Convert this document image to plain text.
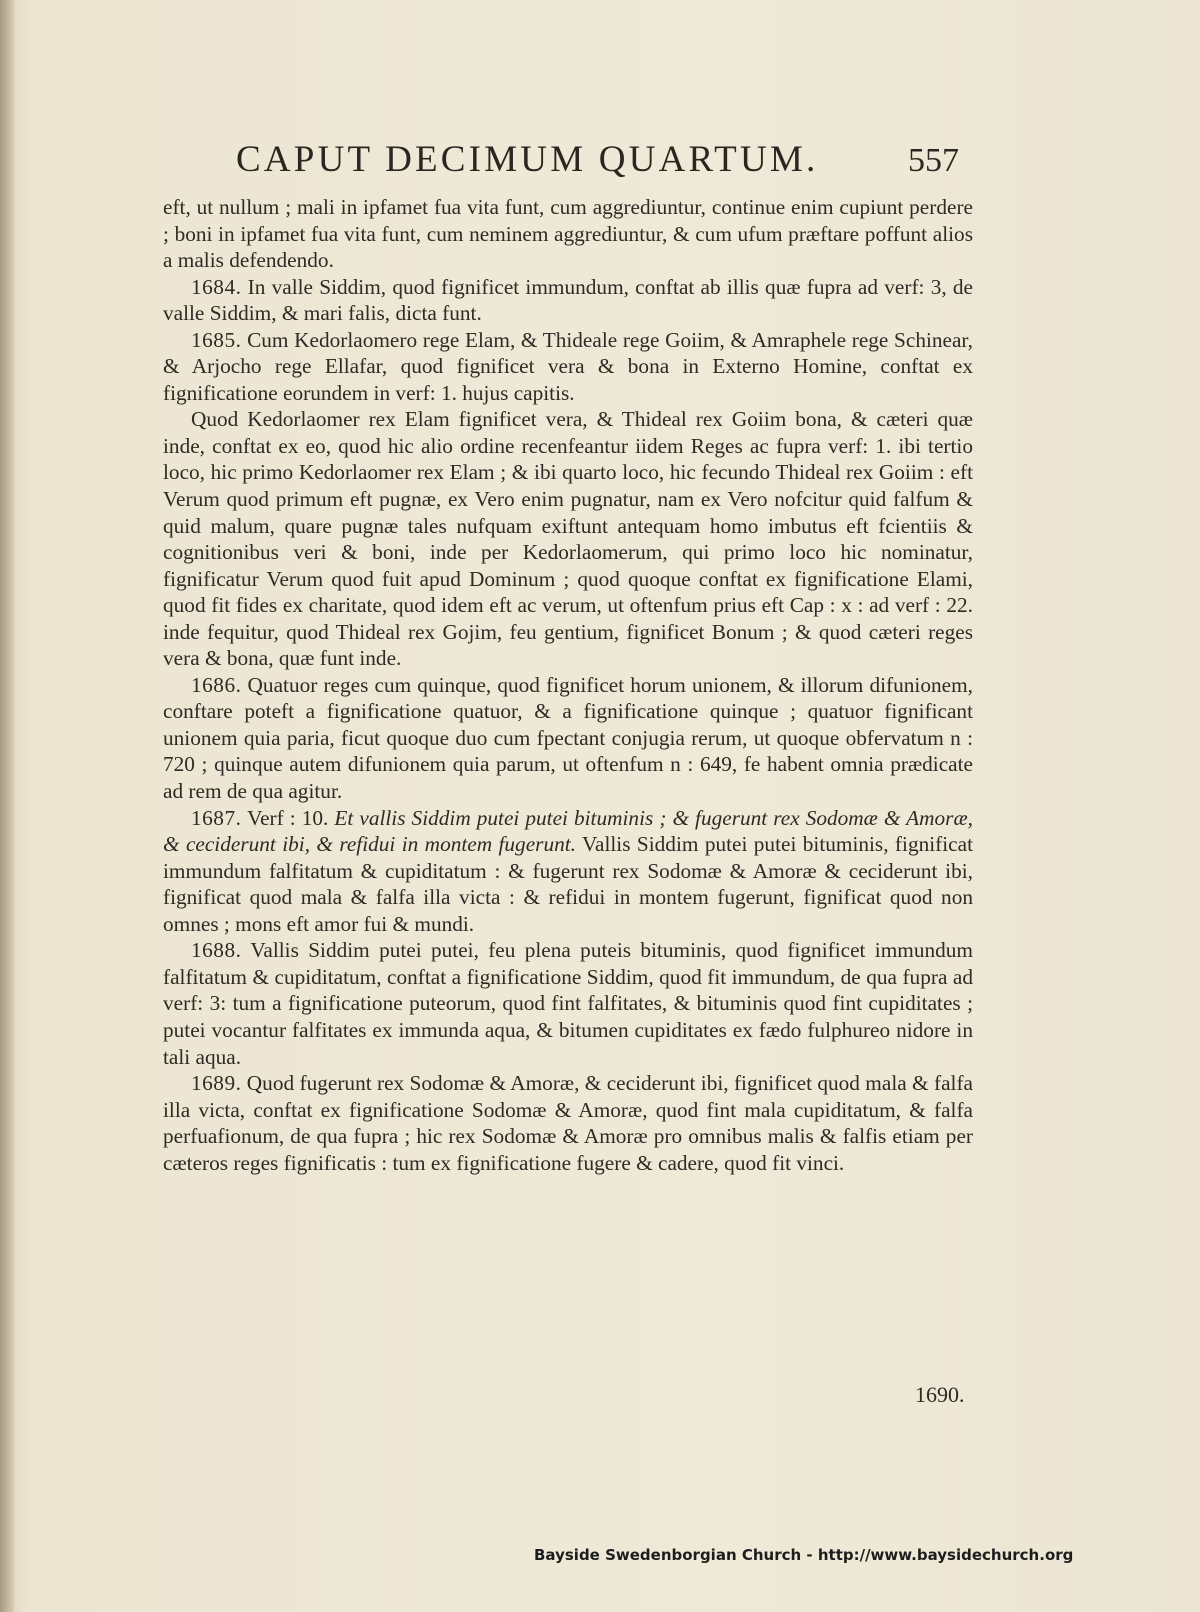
CAPUT DECIMUM QUARTUM.	557

eft, ut nullum ; mali in ipfamet fua vita funt, cum aggrediuntur, continue enim cupiunt perdere ; boni in ipfamet fua vita funt, cum neminem aggrediuntur, & cum ufum præftare poffunt alios a malis defendendo.

1684. In valle Siddim, quod fignificet immundum, conftat ab illis quæ fupra ad verf: 3, de valle Siddim, & mari falis, dicta funt.

1685. Cum Kedorlaomero rege Elam, & Thideale rege Goiim, & Amraphele rege Schinear, & Arjocho rege Ellafar, quod fignificet vera & bona in Externo Homine, conftat ex fignificatione eorundem in verf: 1. hujus capitis.

Quod Kedorlaomer rex Elam fignificet vera, & Thideal rex Goiim bona, & cæteri quæ inde, conftat ex eo, quod hic alio ordine recenfeantur iidem Reges ac fupra verf: 1. ibi tertio loco, hic primo Kedorlaomer rex Elam ; & ibi quarto loco, hic fecundo Thideal rex Goiim : eft Verum quod primum eft pugnæ, ex Vero enim pugnatur, nam ex Vero nofcitur quid falfum & quid malum, quare pugnæ tales nufquam exiftunt antequam homo imbutus eft fcientiis & cognitionibus veri & boni, inde per Kedorlaomerum, qui primo loco hic nominatur, fignificatur Verum quod fuit apud Dominum ; quod quoque conftat ex fignificatione Elami, quod fit fides ex charitate, quod idem eft ac verum, ut oftenfum prius eft Cap : x : ad verf : 22. inde fequitur, quod Thideal rex Gojim, feu gentium, fignificet Bonum ; & quod cæteri reges vera & bona, quæ funt inde.

1686. Quatuor reges cum quinque, quod fignificet horum unionem, & illorum difunionem, conftare poteft a fignificatione quatuor, & a fignificatione quinque ; quatuor fignificant unionem quia paria, ficut quoque duo cum fpectant conjugia rerum, ut quoque obfervatum n : 720 ; quinque autem difunionem quia parum, ut oftenfum n : 649, fe habent omnia prædicate ad rem de qua agitur.

1687. Verf : 10. Et vallis Siddim putei putei bituminis ; & fugerunt rex Sodomæ & Amoræ, & ceciderunt ibi, & refidui in montem fugerunt. Vallis Siddim putei putei bituminis, fignificat immundum falfitatum & cupiditatum : & fugerunt rex Sodomæ & Amoræ & ceciderunt ibi, fignificat quod mala & falfa illa victa : & refidui in montem fugerunt, fignificat quod non omnes ; mons eft amor fui & mundi.

1688. Vallis Siddim putei putei, feu plena puteis bituminis, quod fignificet immundum falfitatum & cupiditatum, conftat a fignificatione Siddim, quod fit immundum, de qua fupra ad verf: 3: tum a fignificatione puteorum, quod fint falfitates, & bituminis quod fint cupiditates ; putei vocantur falfitates ex immunda aqua, & bitumen cupiditates ex fædo fulphureo nidore in tali aqua.

1689. Quod fugerunt rex Sodomæ & Amoræ, & ceciderunt ibi, fignificet quod mala & falfa illa victa, conftat ex fignificatione Sodomæ & Amoræ, quod fint mala cupiditatum, & falfa perfuafionum, de qua fupra ; hic rex Sodomæ & Amoræ pro omnibus malis & falfis etiam per cæteros reges fignificatis : tum ex fignificatione fugere & cadere, quod fit vinci.

1690.
Bayside Swedenborgian Church - http://www.baysidechurch.org
